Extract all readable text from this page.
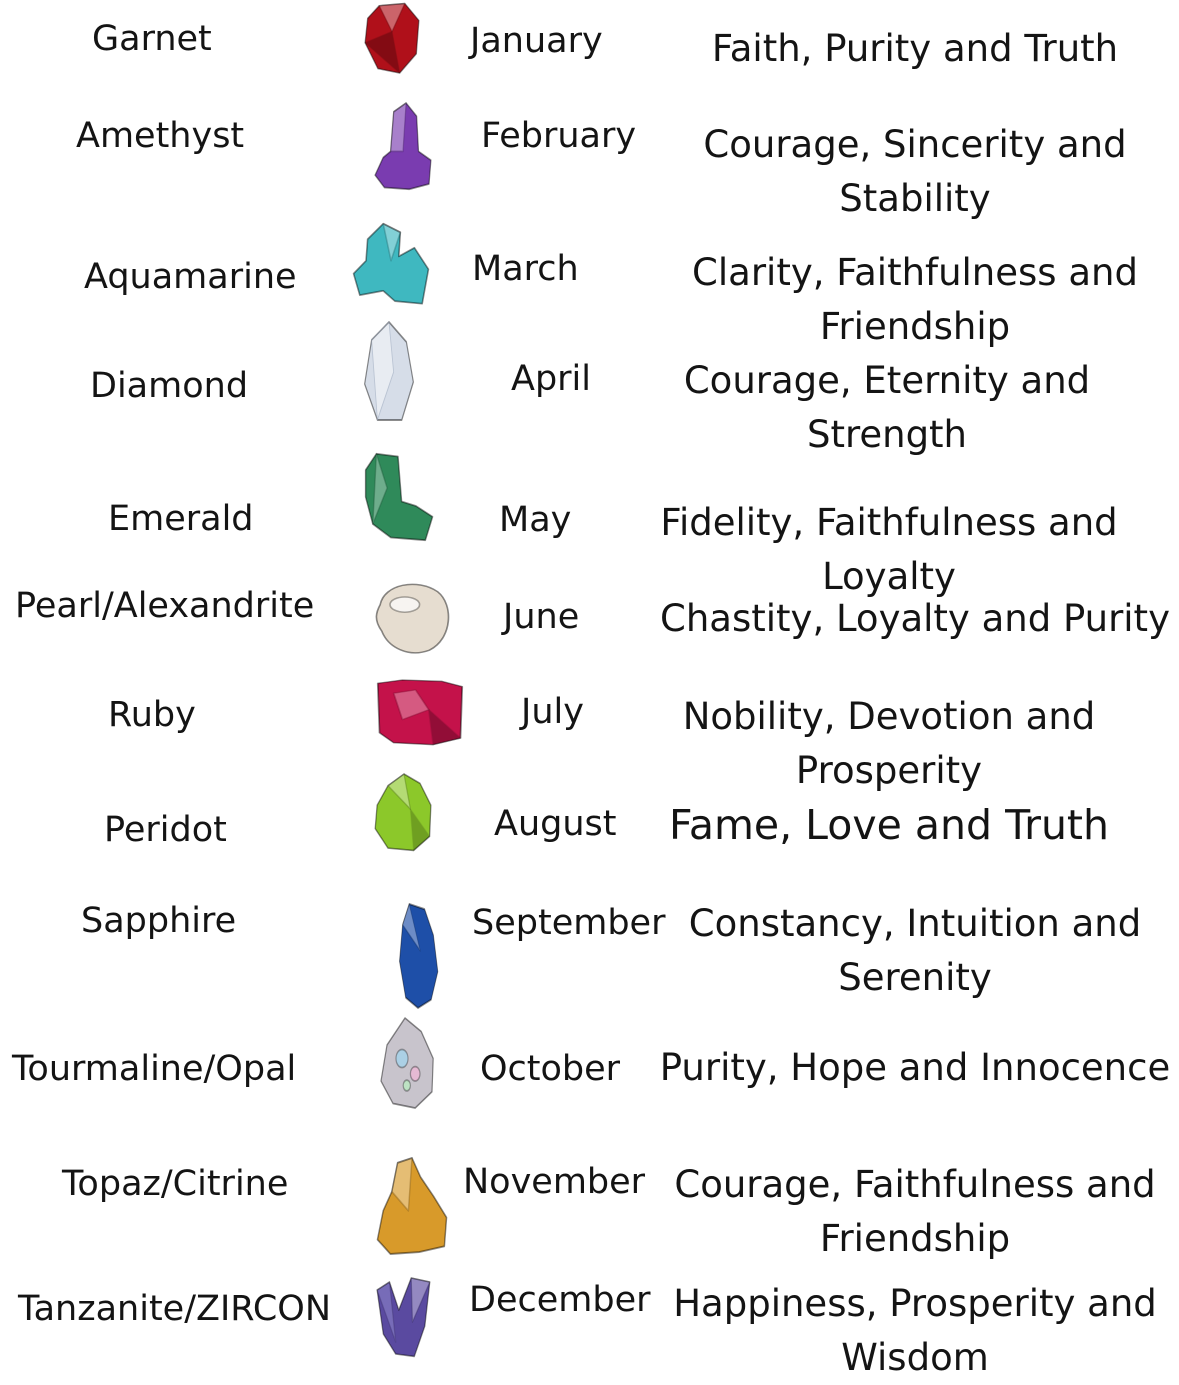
Garnet	January	Faith, Purity and Truth
Amethyst	February Courage, Sincerity and
Stability
Aquamarine	March	Clarity, Faithfulness and
Friendship
Diamond	April	Courage, Eternity and
Strength
Emerald	May Fidelity, Faithfulness and
Loyalty
Pearl/Alexandrite	June Chastity, Loyalty and Purity
Ruby	July	Nobility, Devotion and
Prosperity
Peridot	August Fame, Love and Truth
Sapphire	September Constancy, Intuition and
Serenity
Tourmaline/Opal	October Purity, Hope and Innocence
Topaz/Citrine	November Courage, Faithfulness and
Friendship
Tanzanite/ZIRCON	December Happiness, Prosperity and
Wisdom
